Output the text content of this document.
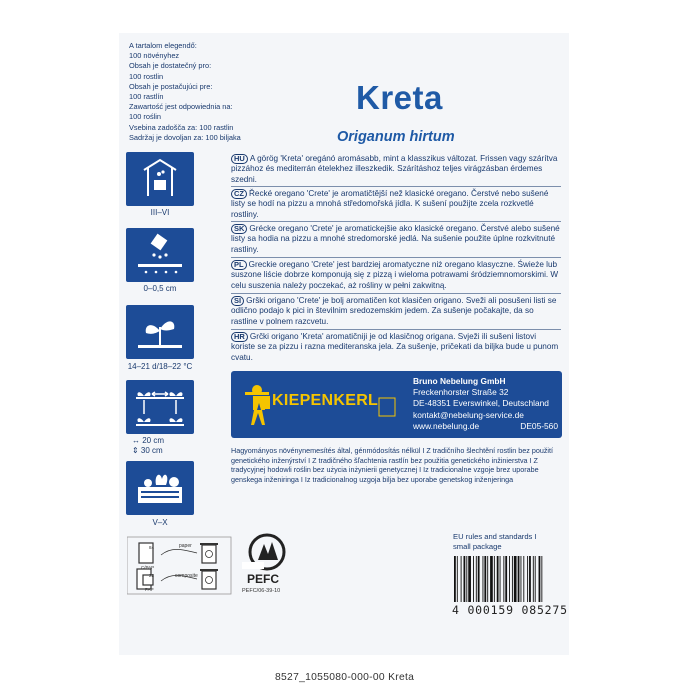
A tartalom elegendő:
100 növényhez
Obsah je dostatečný pro:
100 rostlin
Obsah je postačujúci pre:
100 rastlín
Zawartość jest odpowiednia na:
100 roślin
Vsebina zadošča za: 100 rastlin
Sadržaj je dovoljan za: 100 biljaka
Kreta
Origanum hirtum
III–VI
0–0,5 cm
14–21 d/18–22 °C
↔ 20 cm
⇕ 30 cm
V–X
HU A görög 'Kreta' oregánó aromásabb, mint a klasszikus változat. Frissen vagy szárítva pizzához és mediterrán ételekhez illeszkedik. Szárításhoz teljes virágzásban érdemes szedni.
CZ Řecké oregano 'Crete' je aromatičtější než klasické oregano. Čerstvé nebo sušené listy se hodí na pizzu a mnohá středomořská jídla. K sušení použijte zcela rozkvetlé rostliny.
SK Grécke oregano 'Crete' je aromatickejšie ako klasické oregano. Čerstvé alebo sušené listy sa hodia na pizzu a mnohé stredomorské jedlá. Na sušenie použite úplne rozkvitnuté rastliny.
PL Greckie oregano 'Crete' jest bardziej aromatyczne niż oregano klasyczne. Świeże lub suszone liście dobrze komponują się z pizzą i wieloma potrawami śródziemnomorskimi. W celu suszenia należy poczekać, aż rośliny w pełni zakwitną.
SI Grški origano 'Crete' je bolj aromatičen kot klasičen origano. Sveži ali posušeni listi se odlično podajo k pici in številnim sredozemskim jedem. Za sušenje počakajte, da so rastline v polnem razcvetu.
HR Grčki origano 'Kreta' aromatičniji je od klasičnog origana. Svježi ili sušeni listovi koriste se za pizzu i razna mediteranska jela. Za sušenje, pričekati da biljka bude u punom cvatu.
KIEPENKERL
Bruno Nebelung GmbH
Freckenhorster Straße 32
DE-48351 Everswinkel, Deutschland
kontakt@nebelung-service.de
www.nebelung.de	DE05-560
Hagyományos növénynemesítés által, génmódosítás nélkül I Z tradičního šlechtění rostlin bez použití genetického inženýrství I Z tradičného šľachtenia rastlín bez použitia genetického inžinierstva I Z tradycyjnej hodowli roślin bez użycia inżynierii genetycznej I Iz tradicionalne vzgoje brez uporabe genskega inženiringa I Iz tradicionalnog uzgoja bilja bez uporabe genetskog inženjeringa
paper
composite
22
PAP
84
C/PAP
PEFC
PEFC/06-39-10
EU rules and standards I
small package
4 000159 085275
8527_1055080-000-00 Kreta
